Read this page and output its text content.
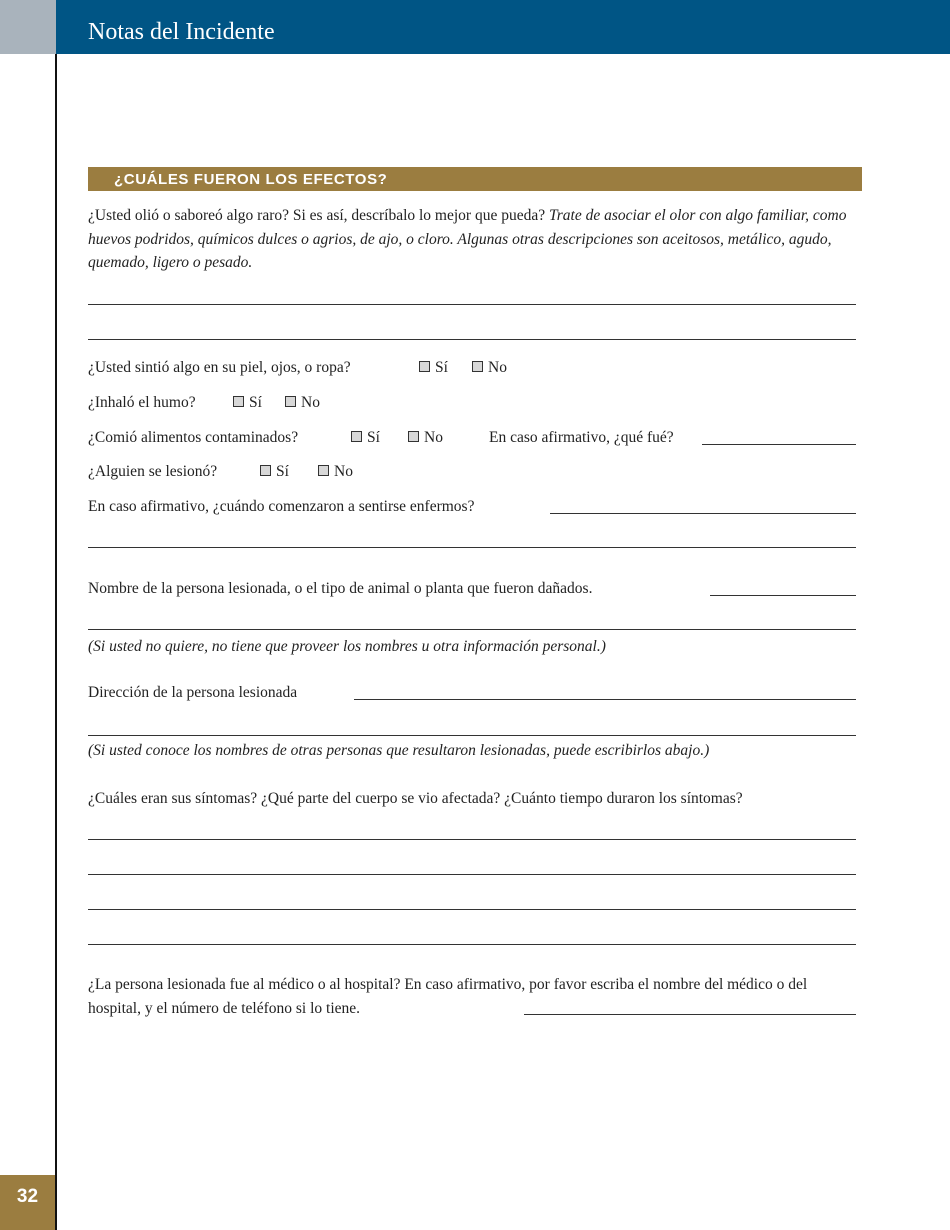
Notas del Incidente
32
¿CUÁLES FUERON LOS EFECTOS?
¿Usted olió o saboreó algo raro? Si es así, descríbalo lo mejor que pueda? Trate de asociar el olor con algo familiar, como huevos podridos, químicos dulces o agrios, de ajo, o cloro. Algunas otras descripciones son aceitosos, metálico, agudo, quemado, ligero o pesado.
¿Usted sintió algo en su piel, ojos, o ropa?	Sí	No
¿Inhaló el humo?	Sí	No
¿Comió alimentos contaminados?	Sí	No	En caso afirmativo, ¿qué fué?
¿Alguien se lesionó?	Sí	No
En caso afirmativo, ¿cuándo comenzaron a sentirse enfermos?
Nombre de la persona lesionada, o el tipo de animal o planta que fueron dañados.
(Si usted no quiere, no tiene que proveer los nombres u otra información personal.)
Dirección de la persona lesionada
(Si usted conoce los nombres de otras personas que resultaron lesionadas, puede escribirlos abajo.)
¿Cuáles eran sus síntomas? ¿Qué parte del cuerpo se vio afectada? ¿Cuánto tiempo duraron los síntomas?
¿La persona lesionada fue al médico o al hospital? En caso afirmativo, por favor escriba el nombre del médico o del hospital, y el número de teléfono si lo tiene.
